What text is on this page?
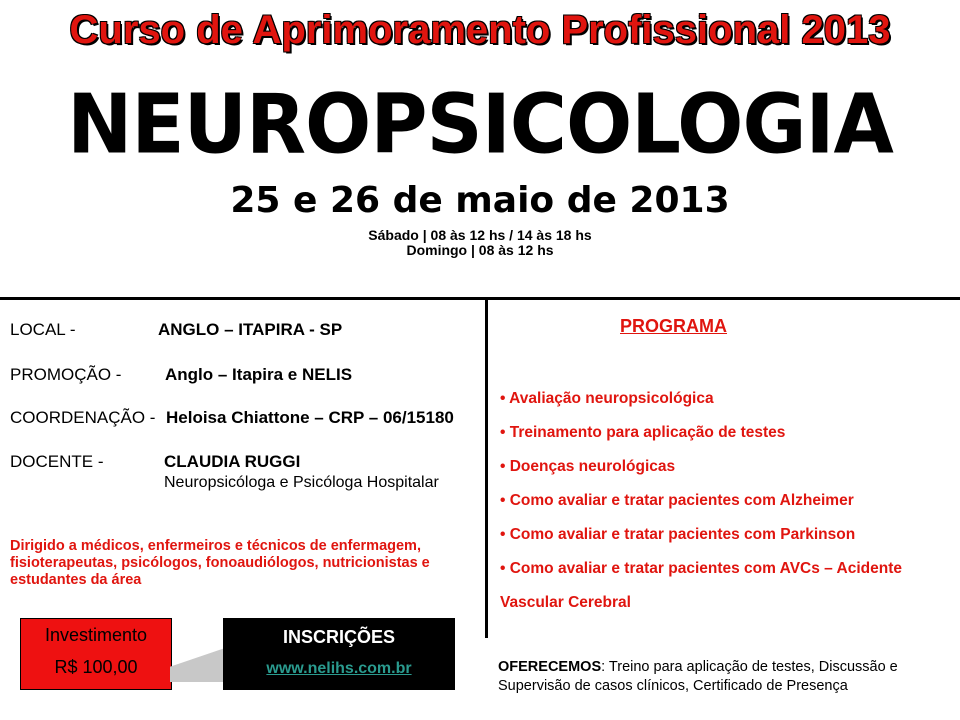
Curso de Aprimoramento Profissional 2013
NEUROPSICOLOGIA
25 e 26 de maio de 2013
Sábado | 08 às 12 hs / 14 às 18 hs
Domingo | 08 às 12 hs
LOCAL -	ANGLO – ITAPIRA - SP
PROMOÇÃO -	Anglo – Itapira e NELIS
COORDENAÇÃO - Heloisa Chiattone – CRP – 06/15180
DOCENTE -	CLAUDIA RUGGI
Neuropsicóloga e Psicóloga Hospitalar
Dirigido a médicos, enfermeiros e técnicos de enfermagem, fisioterapeutas, psicólogos, fonoaudiólogos, nutricionistas e estudantes da área
PROGRAMA
• Avaliação neuropsicológica
• Treinamento para aplicação de testes
• Doenças neurológicas
• Como avaliar e tratar pacientes com Alzheimer
• Como avaliar e tratar pacientes com Parkinson
• Como avaliar e tratar pacientes com AVCs – Acidente
Vascular Cerebral
Investimento
R$ 100,00
INSCRIÇÕES
www.nelihs.com.br	OFERECEMOS: Treino para aplicação de testes, Discussão e Supervisão de casos clínicos, Certificado de Presença
